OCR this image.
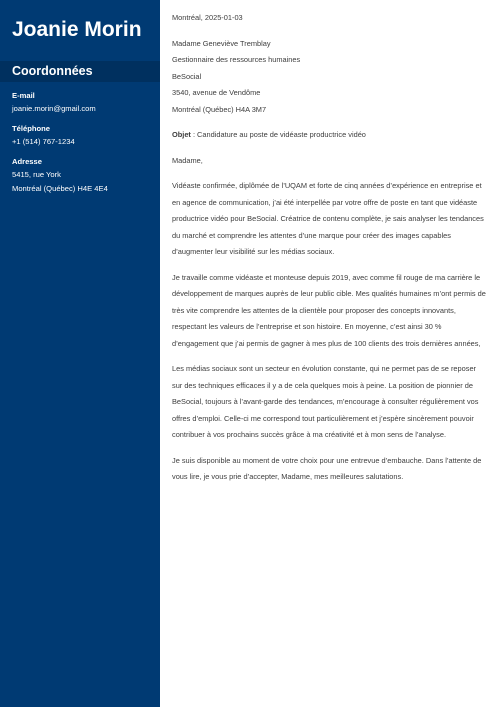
Joanie Morin
Coordonnées
E-mail
joanie.morin@gmail.com
Téléphone
+1 (514) 767-1234
Adresse
5415, rue York
Montréal (Québec) H4E 4E4
Montréal, 2025-01-03
Madame Geneviève Tremblay
Gestionnaire des ressources humaines
BeSocial
3540, avenue de Vendôme
Montréal (Québec) H4A 3M7
Objet : Candidature au poste de vidéaste productrice vidéo
Madame,
Vidéaste confirmée, diplômée de l’UQAM et forte de cinq années d’expérience en entreprise et en agence de communication, j’ai été interpellée par votre offre de poste en tant que vidéaste productrice vidéo pour BeSocial. Créatrice de contenu complète, je sais analyser les tendances du marché et comprendre les attentes d’une marque pour créer des images capables d’augmenter leur visibilité sur les médias sociaux.
Je travaille comme vidéaste et monteuse depuis 2019, avec comme fil rouge de ma carrière le développement de marques auprès de leur public cible. Mes qualités humaines m’ont permis de très vite comprendre les attentes de la clientèle pour proposer des concepts innovants, respectant les valeurs de l’entreprise et son histoire. En moyenne, c’est ainsi 30 % d’engagement que j’ai permis de gagner à mes plus de 100 clients des trois dernières années,
Les médias sociaux sont un secteur en évolution constante, qui ne permet pas de se reposer sur des techniques efficaces il y a de cela quelques mois à peine. La position de pionnier de BeSocial, toujours à l’avant-garde des tendances, m’encourage à consulter régulièrement vos offres d’emploi. Celle-ci me correspond tout particulièrement et j’espère sincèrement pouvoir contribuer à vos prochains succès grâce à ma créativité et à mon sens de l’analyse.
Je suis disponible au moment de votre choix pour une entrevue d’embauche. Dans l’attente de vous lire, je vous prie d’accepter, Madame, mes meilleures salutations.
